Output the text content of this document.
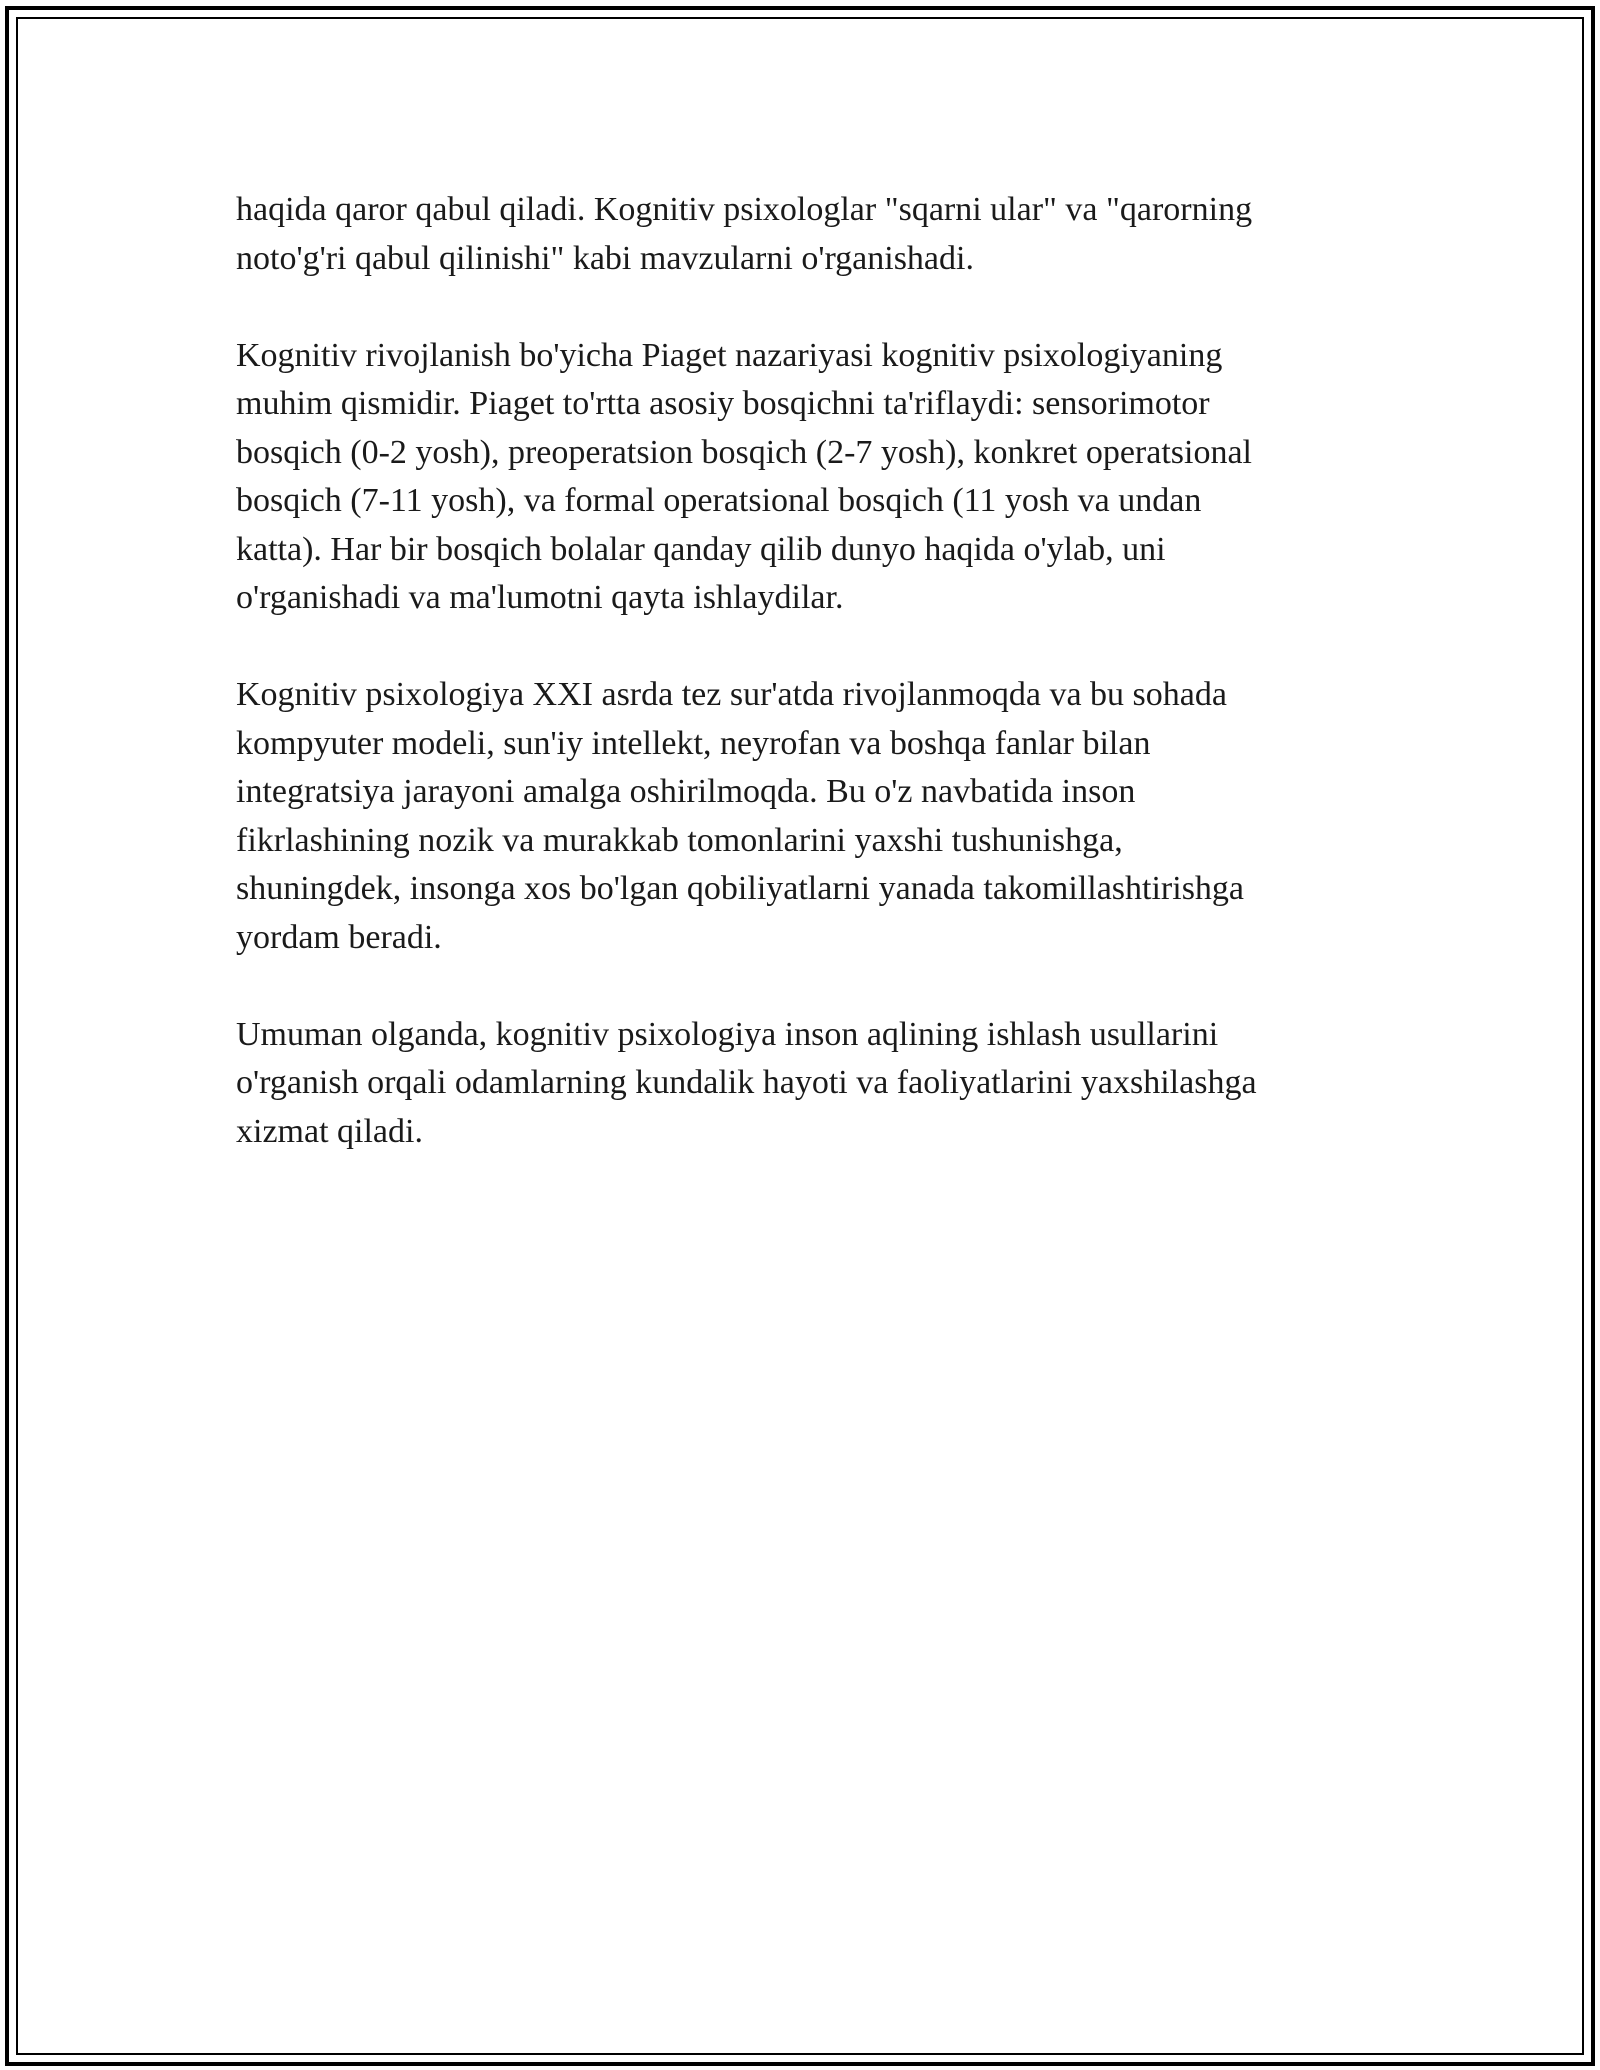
haqida qaror qabul qiladi. Kognitiv psixologlar "sqarni ular" va "qarorning
noto'g'ri qabul qilinishi" kabi mavzularni o'rganishadi.

Kognitiv rivojlanish bo'yicha Piaget nazariyasi kognitiv psixologiyaning
muhim qismidir. Piaget to'rtta asosiy bosqichni ta'riflaydi: sensorimotor
bosqich (0-2 yosh), preoperatsion bosqich (2-7 yosh), konkret operatsional
bosqich (7-11 yosh), va formal operatsional bosqich (11 yosh va undan
katta). Har bir bosqich bolalar qanday qilib dunyo haqida o'ylab, uni
o'rganishadi va ma'lumotni qayta ishlaydilar.

Kognitiv psixologiya XXI asrda tez sur'atda rivojlanmoqda va bu sohada
kompyuter modeli, sun'iy intellekt, neyrofan va boshqa fanlar bilan
integratsiya jarayoni amalga oshirilmoqda. Bu o'z navbatida inson
fikrlashining nozik va murakkab tomonlarini yaxshi tushunishga,
shuningdek, insonga xos bo'lgan qobiliyatlarni yanada takomillashtirishga
yordam beradi.

Umuman olganda, kognitiv psixologiya inson aqlining ishlash usullarini
o'rganish orqali odamlarning kundalik hayoti va faoliyatlarini yaxshilashga
xizmat qiladi.
